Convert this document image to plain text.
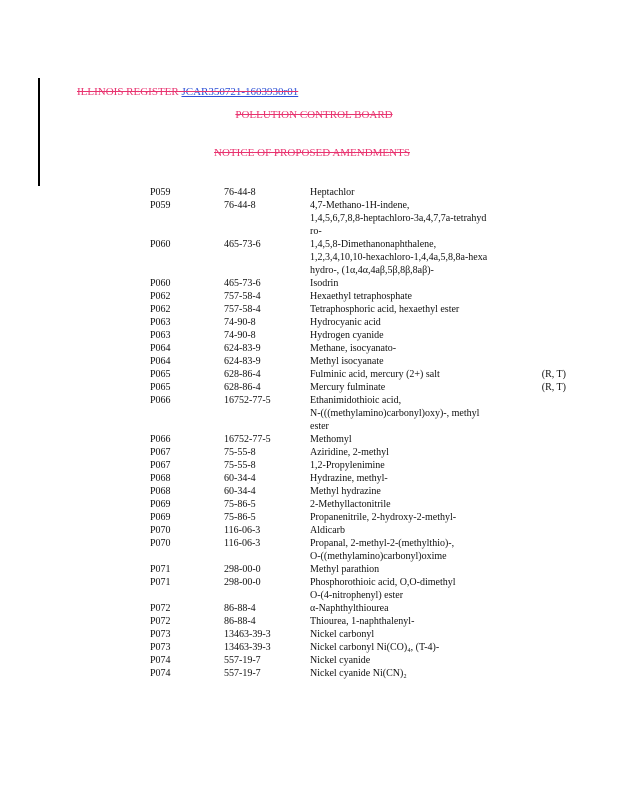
ILLINOIS REGISTER JCAR350721-1603930r01
POLLUTION CONTROL BOARD
NOTICE OF PROPOSED AMENDMENTS
P059	76-44-8	Heptachlor	

P059	76-44-8	4,7-Methano-1H-indene,
1,4,5,6,7,8,8-heptachloro-3a,4,7,7a-tetrahyd
ro-	

P060	465-73-6	1,4,5,8-Dimethanonaphthalene,
1,2,3,4,10,10-hexachloro-1,4,4a,5,8,8a-hexa
hydro-, (1α,4α,4aβ,5β,8β,8aβ)-	

P060	465-73-6	Isodrin	

P062	757-58-4	Hexaethyl tetraphosphate	

P062	757-58-4	Tetraphosphoric acid, hexaethyl ester	

P063	74-90-8	Hydrocyanic acid	

P063	74-90-8	Hydrogen cyanide	

P064	624-83-9	Methane, isocyanato-	

P064	624-83-9	Methyl isocyanate	

P065	628-86-4	Fulminic acid, mercury (2+) salt	(R, T)
P065	628-86-4	Mercury fulminate	(R, T)
P066	16752-77-5	Ethanimidothioic acid,
N-(((methylamino)carbonyl)oxy)-, methyl
ester	

P066	16752-77-5	Methomyl	

P067	75-55-8	Aziridine, 2-methyl	

P067	75-55-8	1,2-Propylenimine	

P068	60-34-4	Hydrazine, methyl-	

P068	60-34-4	Methyl hydrazine	

P069	75-86-5	2-Methyllactonitrile	

P069	75-86-5	Propanenitrile, 2-hydroxy-2-methyl-	

P070	116-06-3	Aldicarb	

P070	116-06-3	Propanal, 2-methyl-2-(methylthio)-,
O-((methylamino)carbonyl)oxime	

P071	298-00-0	Methyl parathion	

P071	298-00-0	Phosphorothioic acid, O,O-dimethyl
O-(4-nitrophenyl) ester	

P072	86-88-4	α-Naphthylthiourea	

P072	86-88-4	Thiourea, 1-naphthalenyl-	

P073	13463-39-3	Nickel carbonyl	

P073	13463-39-3	Nickel carbonyl Ni(CO)₄, (T-4)-	

P074	557-19-7	Nickel cyanide	

P074	557-19-7	Nickel cyanide Ni(CN)₂	
